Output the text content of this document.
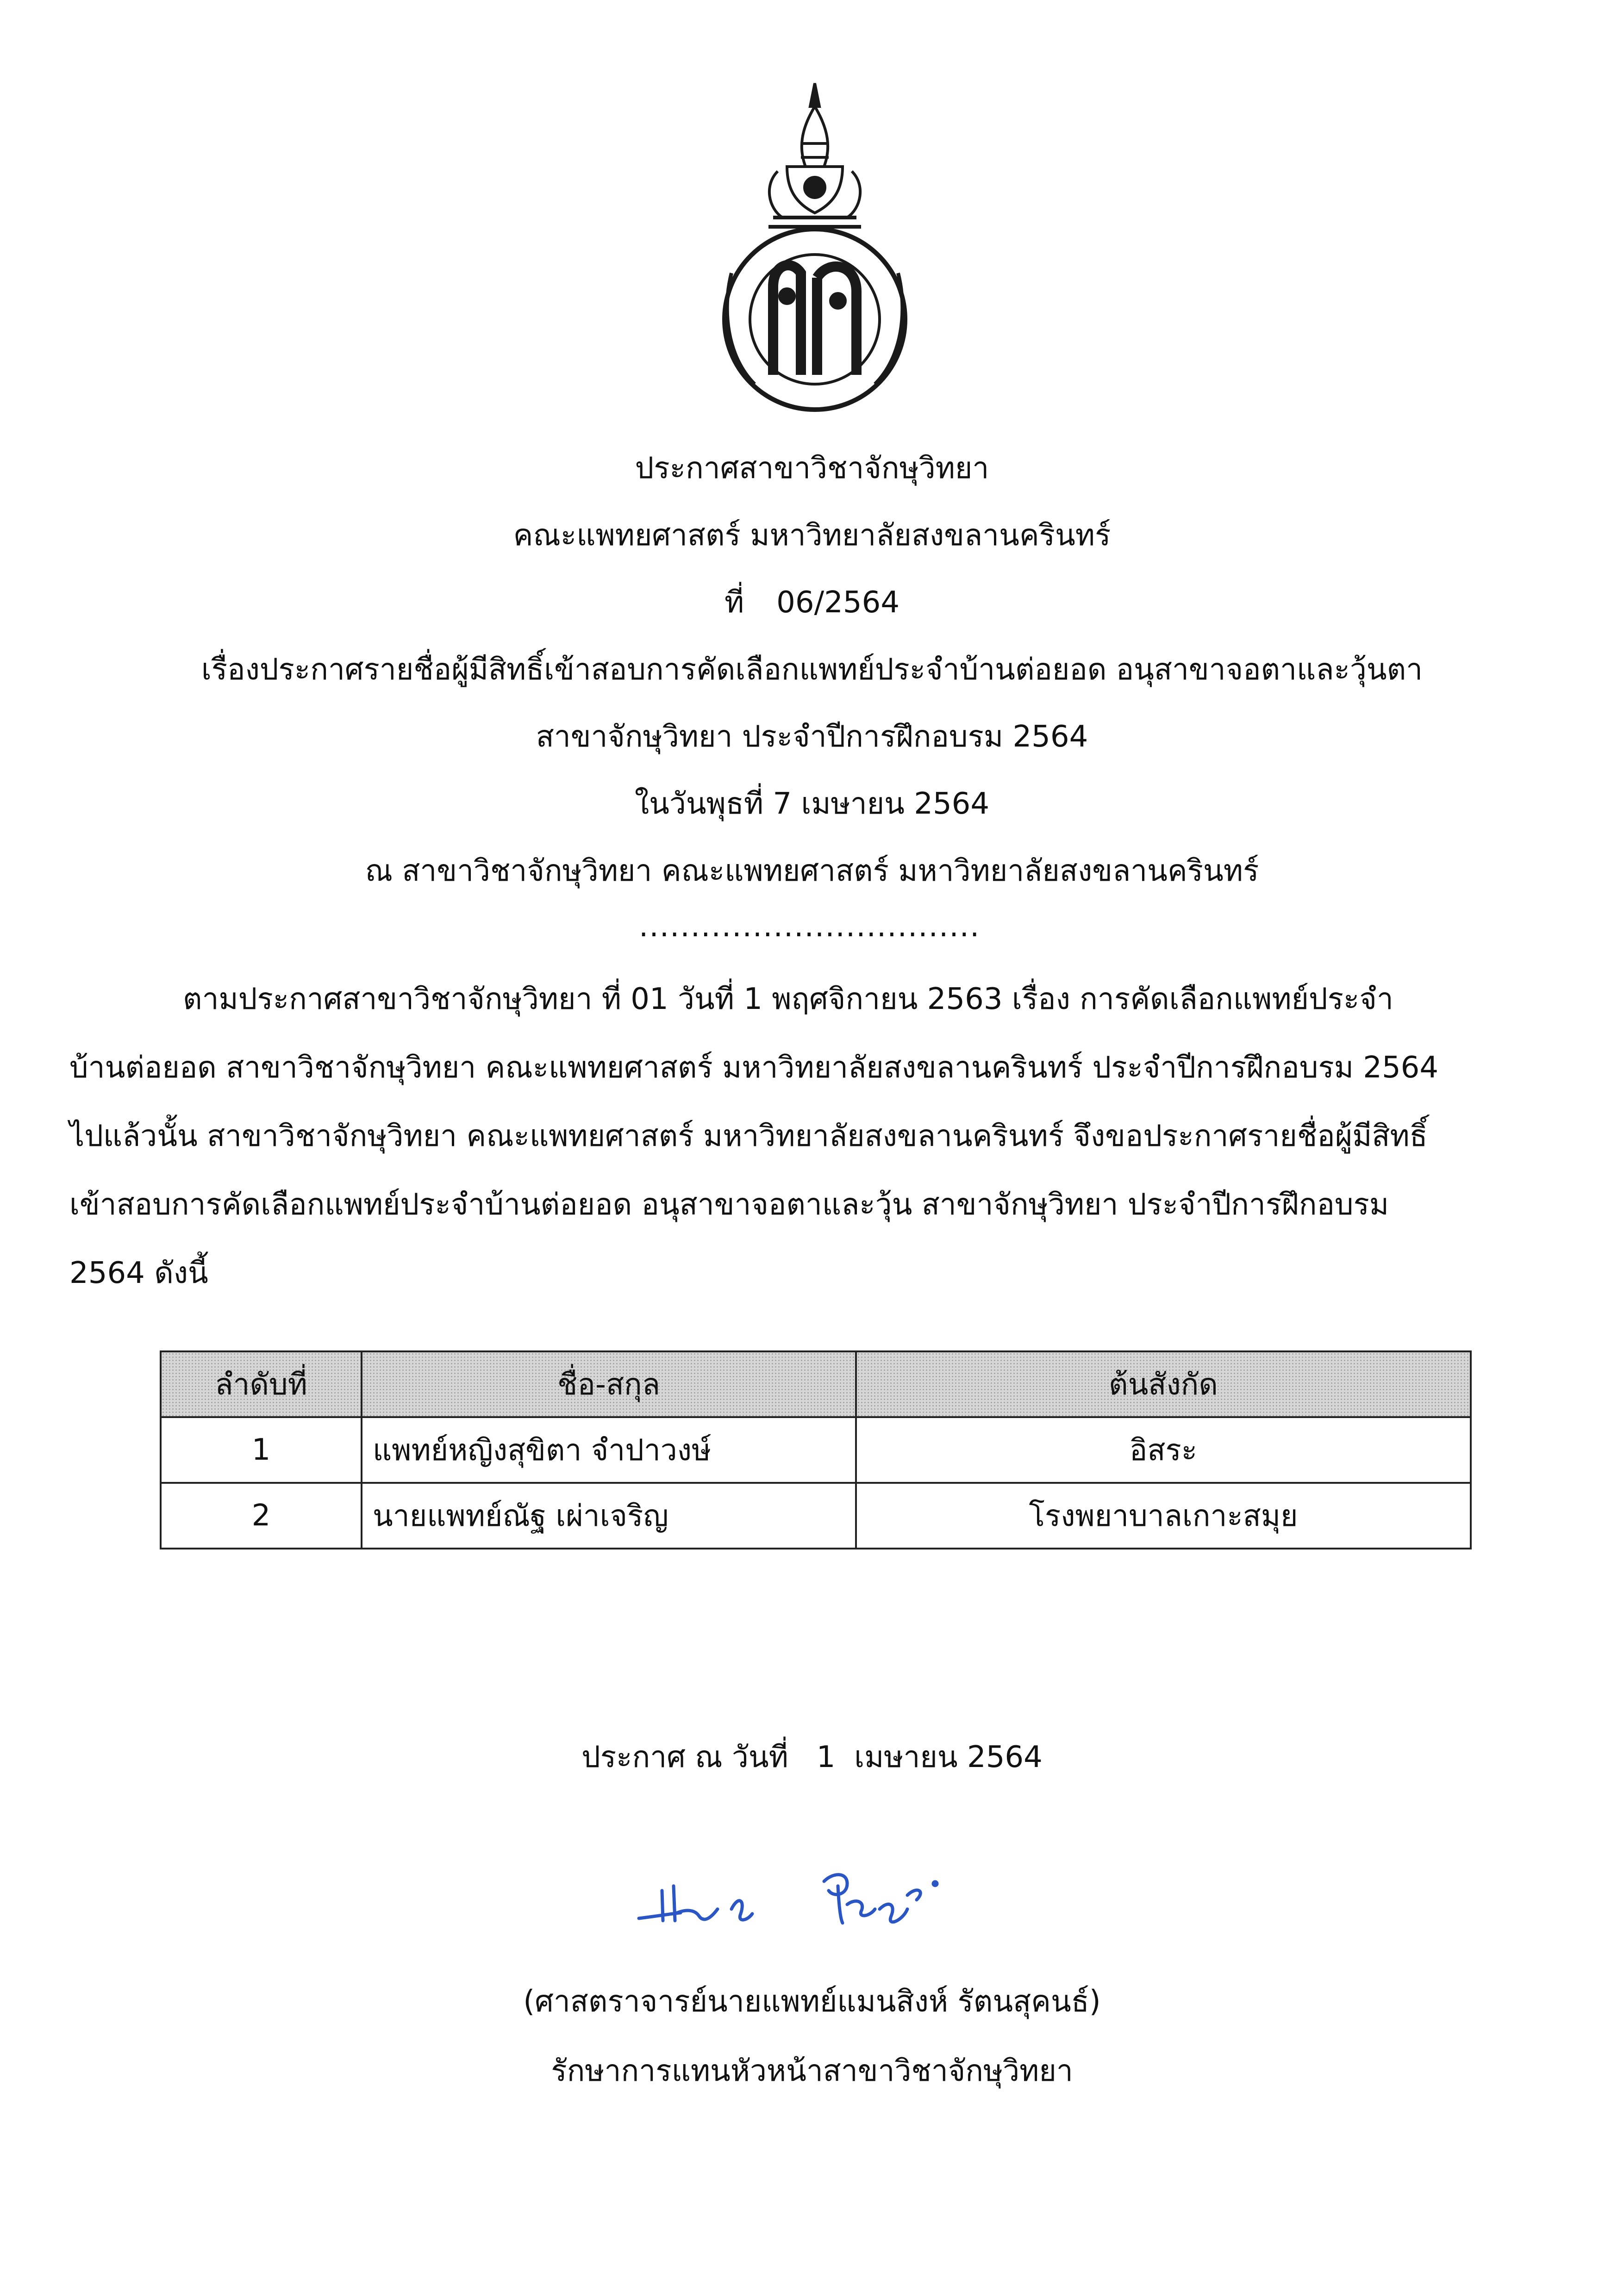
ประกาศสาขาวิชาจักษุวิทยา
คณะแพทยศาสตร์ มหาวิทยาลัยสงขลานครินทร์
ที่ 06/2564
เรื่องประกาศรายชื่อผู้มีสิทธิ์เข้าสอบการคัดเลือกแพทย์ประจำบ้านต่อยอด อนุสาขาจอตาและวุ้นตา
สาขาจักษุวิทยา ประจำปีการฝึกอบรม 2564
ในวันพุธที่ 7 เมษายน 2564
ณ สาขาวิชาจักษุวิทยา คณะแพทยศาสตร์ มหาวิทยาลัยสงขลานครินทร์
.................................
ตามประกาศสาขาวิชาจักษุวิทยา ที่ 01 วันที่ 1 พฤศจิกายน 2563 เรื่อง การคัดเลือกแพทย์ประจำ
บ้านต่อยอด สาขาวิชาจักษุวิทยา คณะแพทยศาสตร์ มหาวิทยาลัยสงขลานครินทร์ ประจำปีการฝึกอบรม 2564
ไปแล้วนั้น สาขาวิชาจักษุวิทยา คณะแพทยศาสตร์ มหาวิทยาลัยสงขลานครินทร์ จึงขอประกาศรายชื่อผู้มีสิทธิ์
เข้าสอบการคัดเลือกแพทย์ประจำบ้านต่อยอด อนุสาขาจอตาและวุ้น สาขาจักษุวิทยา ประจำปีการฝึกอบรม
2564 ดังนี้
ลำดับที่	ชื่อ-สกุล	ต้นสังกัด
1	แพทย์หญิงสุขิตา จำปาวงษ์	อิสระ
2	นายแพทย์ณัฐ เผ่าเจริญ	โรงพยาบาลเกาะสมุย
ประกาศ ณ วันที่   1  เมษายน 2564
(ศาสตราจารย์นายแพทย์แมนสิงห์ รัตนสุคนธ์)
รักษาการแทนหัวหน้าสาขาวิชาจักษุวิทยา
